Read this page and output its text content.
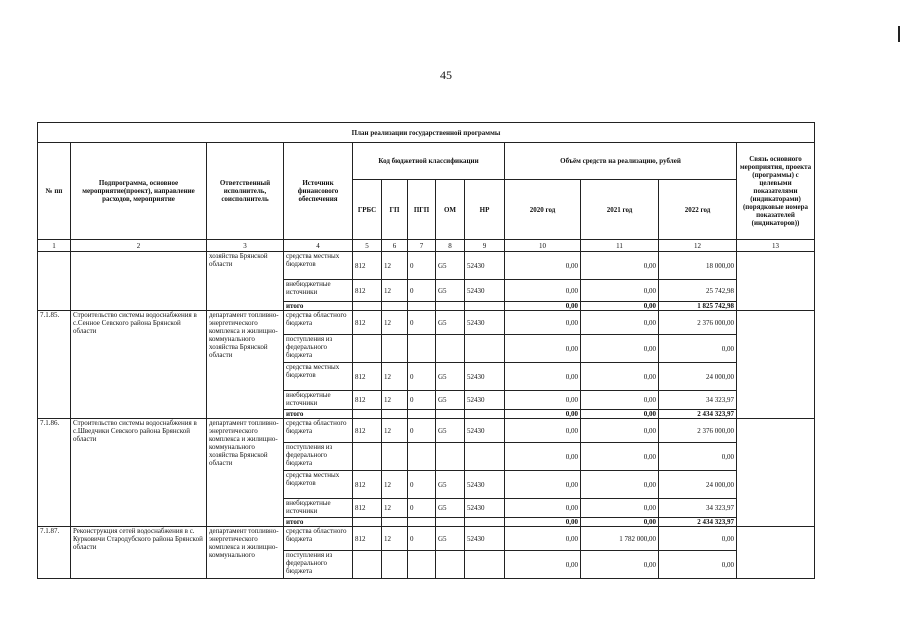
45
План реализации государственной программы												
№ пп	Подпрограмма, основное мероприятие(проект), направление расходов, мероприятие	Ответственный исполнитель, соисполнитель	Источник финансового обеспечения	Код бюджетной классификации					Объём средств на реализацию, рублей			Связь основного мероприятия, проекта (программы) с целевыми показателями (индикаторами) (порядковые номера показателей (индикаторов))
				ГРБС	ГП	ПГП	ОМ	НР	2020 год	2021 год	2022 год	
1	2	3	4	5	6	7	8	9	10	11	12	13
		хозяйства Брянской области	средства местных бюджетов	812	12	0	G5	52430	0,00	0,00	18 000,00	
			внебюджетные источники	812	12	0	G5	52430	0,00	0,00	25 742,98	
			итого						0,00	0,00	1 825 742,98	
7.1.85.	Строительство системы водоснабжения в с.Сенное Севского района Брянской области	департамент топливно-энергетического комплекса и жилищно-коммунального хозяйства Брянской области	средства областного бюджета	812	12	0	G5	52430	0,00	0,00	2 376 000,00	
			поступления из федерального бюджета						0,00	0,00	0,00	
			средства местных бюджетов	812	12	0	G5	52430	0,00	0,00	24 000,00	
			внебюджетные источники	812	12	0	G5	52430	0,00	0,00	34 323,97	
			итого						0,00	0,00	2 434 323,97	
7.1.86.	Строительство системы водоснабжения в с.Шведчики Севского района Брянской области	департамент топливно-энергетического комплекса и жилищно-коммунального хозяйства Брянской области	средства областного бюджета	812	12	0	G5	52430	0,00	0,00	2 376 000,00	
			поступления из федерального бюджета						0,00	0,00	0,00	
			средства местных бюджетов	812	12	0	G5	52430	0,00	0,00	24 000,00	
			внебюджетные источники	812	12	0	G5	52430	0,00	0,00	34 323,97	
			итого						0,00	0,00	2 434 323,97	
7.1.87.	Реконструкция сетей водоснабжения в с. Курковичи Стародубского района Брянской области	департамент топливно-энергетического комплекса и жилищно-коммунального	средства областного бюджета	812	12	0	G5	52430	0,00	1 782 000,00	0,00	
			поступления из федерального бюджета						0,00	0,00	0,00	
